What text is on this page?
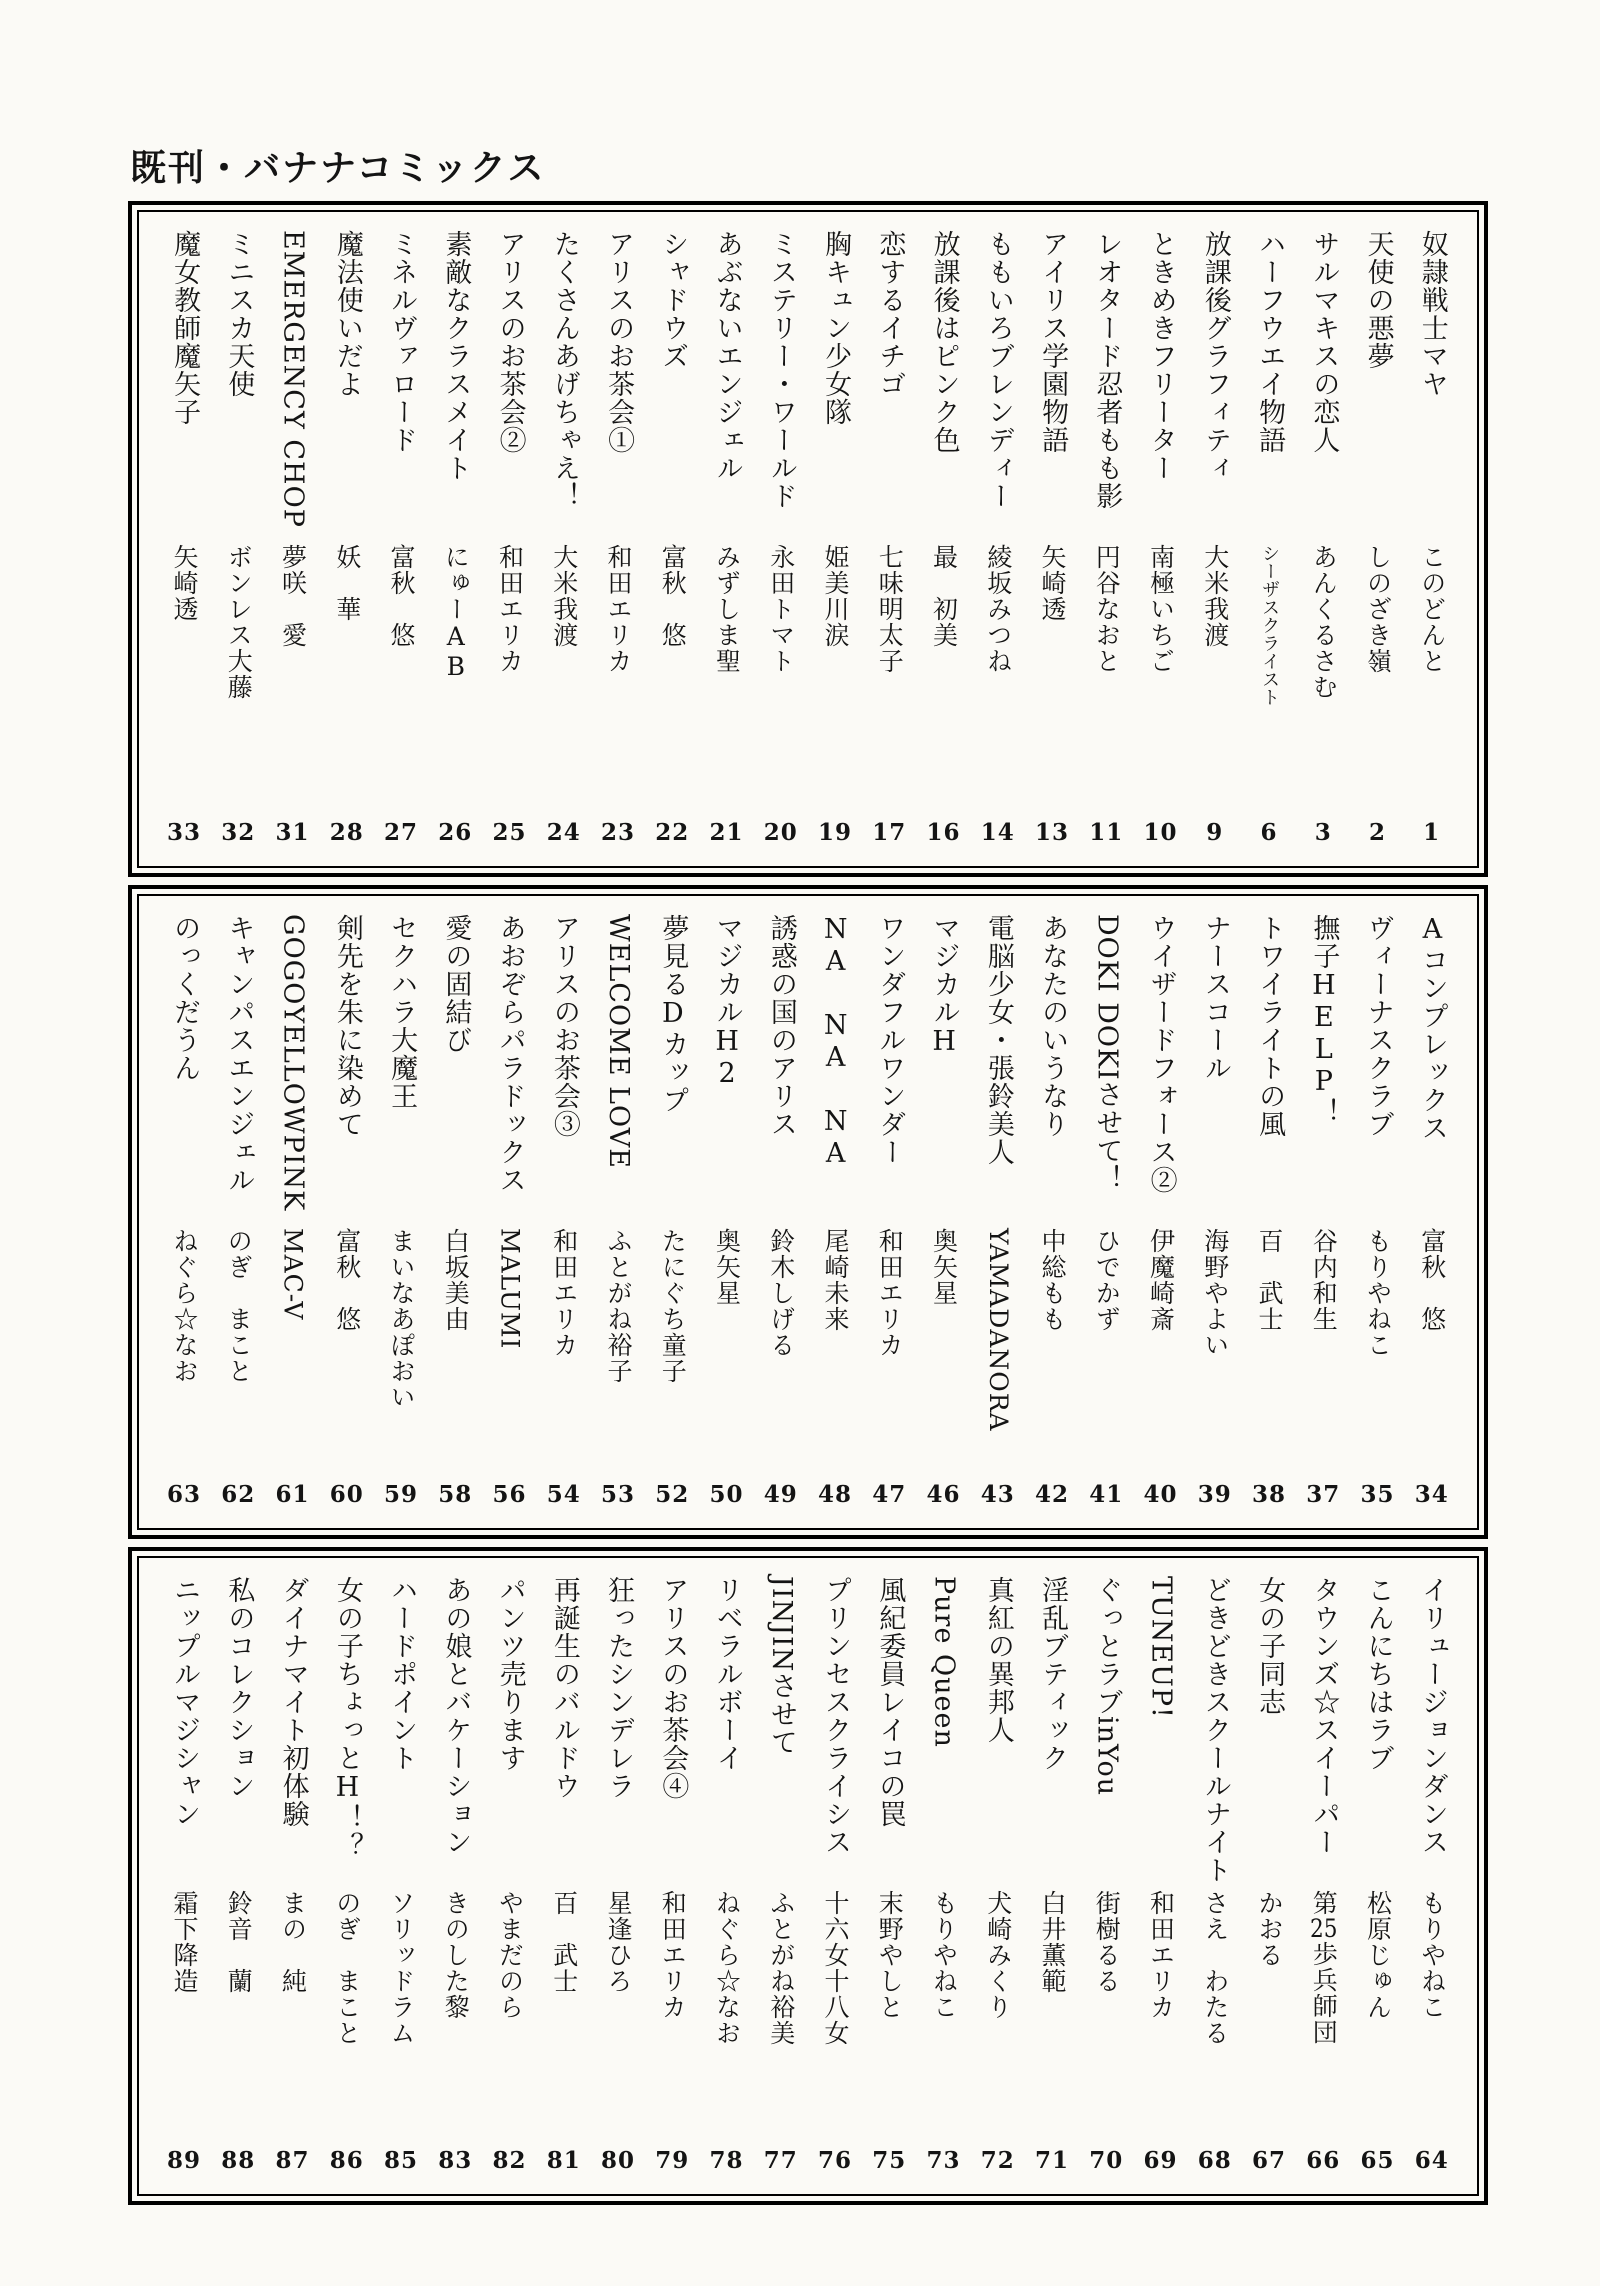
既刊・バナナコミックス
奴隷戦士マヤ
このどんと
1
天使の悪夢
しのざき嶺
2
サルマキスの恋人
あんくるさむ
3
ハーフウエイ物語
シーザスクライスト
6
放課後グラフィティ
大米我渡
9
ときめきフリーター
南極いちご
10
レオタード忍者もも影
円谷なおと
11
アイリス学園物語
矢崎透
13
ももいろブレンディー
綾坂みつね
14
放課後はピンク色
最　初美
16
恋するイチゴ
七味明太子
17
胸キュン少女隊
姫美川涙
19
ミステリー・ワールド
永田トマト
20
あぶないエンジェル
みずしま聖
21
シャドウズ
富秋　悠
22
アリスのお茶会①
和田エリカ
23
たくさんあげちゃえ！
大米我渡
24
アリスのお茶会②
和田エリカ
25
素敵なクラスメイト
にゅーAB
26
ミネルヴァロード
富秋　悠
27
魔法使いだよ
妖　華
28
EMERGENCY CHOP
夢咲　愛
31
ミニスカ天使
ボンレス大藤
32
魔女教師魔矢子
矢崎透
33
Aコンプレックス
富秋　悠
34
ヴィーナスクラブ
もりやねこ
35
撫子HELP！
谷内和生
37
トワイライトの風
百　武士
38
ナースコール
海野やよい
39
ウイザードフォース②
伊魔崎斎
40
DOKI DOKIさせて！
ひでかず
41
あなたのいうなり
中総もも
42
電脳少女・張鈴美人
YAMADANORA
43
マジカルH
奥矢星
46
ワンダフルワンダー
和田エリカ
47
NA NA NA
尾崎未来
48
誘惑の国のアリス
鈴木しげる
49
マジカルH2
奥矢星
50
夢見るDカップ
たにぐち童子
52
WELCOME LOVE
ふとがね裕子
53
アリスのお茶会③
和田エリカ
54
あおぞらパラドックス
MALUMI
56
愛の固結び
白坂美由
58
セクハラ大魔王
まいなあぽおい
59
剣先を朱に染めて
富秋　悠
60
GOGOYELLOWPINK
MAC-V
61
キャンパスエンジェル
のぎ　まこと
62
のっくだうん
ねぐら☆なお
63
イリュージョンダンス
もりやねこ
64
こんにちはラブ
松原じゅん
65
タウンズ☆スイーパー
第25歩兵師団
66
女の子同志
かおる
67
どきどきスクールナイト
さえ　わたる
68
TUNEUP!
和田エリカ
69
ぐっとラブinYou
街樹るる
70
淫乱ブティック
白井薫範
71
真紅の異邦人
犬崎みくり
72
Pure Queen
もりやねこ
73
風紀委員レイコの罠
末野やしと
75
プリンセスクライシス
十六女十八女
76
JINJINさせて
ふとがね裕美
77
リベラルボーイ
ねぐら☆なお
78
アリスのお茶会④
和田エリカ
79
狂ったシンデレラ
星逢ひろ
80
再誕生のバルドウ
百　武士
81
パンツ売ります
やまだのら
82
あの娘とバケーション
きのした黎
83
ハードポイント
ソリッドラム
85
女の子ちょっとH！？
のぎ　まこと
86
ダイナマイト初体験
まの　純
87
私のコレクション
鈴音　蘭
88
ニップルマジシャン
霜下降造
89
